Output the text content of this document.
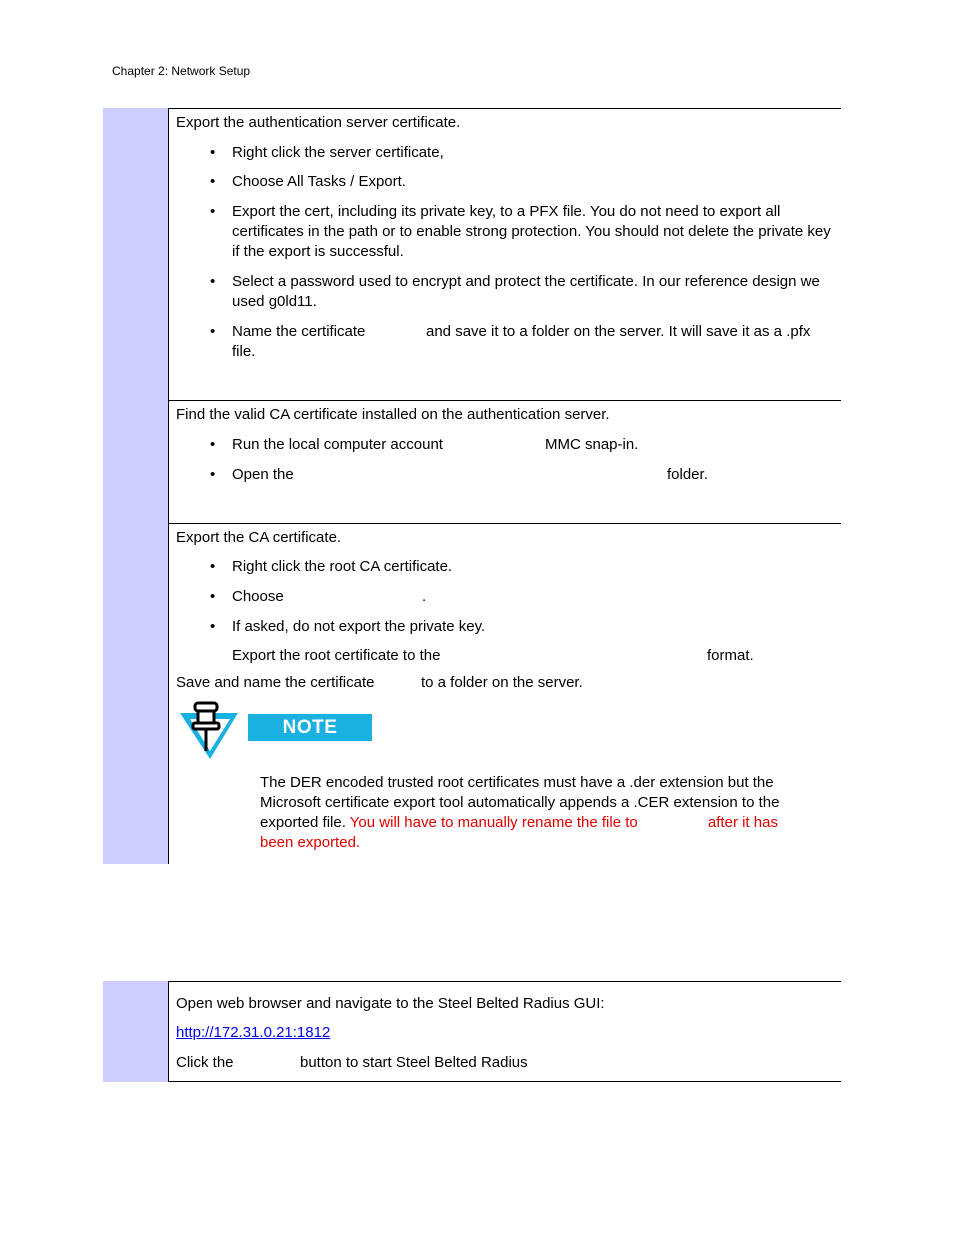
Chapter 2: Network Setup
Export the authentication server certificate.
• Right click the server certificate,
• Choose All Tasks / Export.
• Export the cert, including its private key, to a PFX file. You do not need to export all certificates in the path or to enable strong protection. You should not delete the private key if the export is successful.
• Select a password used to encrypt and protect the certificate. In our reference design we used g0ld11.
• Name the certificate	and save it to a folder on the server. It will save it as a .pfx
file.
Find the valid CA certificate installed on the authentication server.
• Run the local computer account	MMC snap-in.
• Open the	folder.
Export the CA certificate.
• Right click the root CA certificate.
• Choose	.
• If asked, do not export the private key.
Export the root certificate to the	format.
Save and name the certificate	to a folder on the server.
NOTE
The DER encoded trusted root certificates must have a .der extension but the Microsoft certificate export tool automatically appends a .CER extension to the exported file. You will have to manually rename the file to	after it has been exported.
Open web browser and navigate to the Steel Belted Radius GUI:
http://172.31.0.21:1812
Click the	button to start Steel Belted Radius
